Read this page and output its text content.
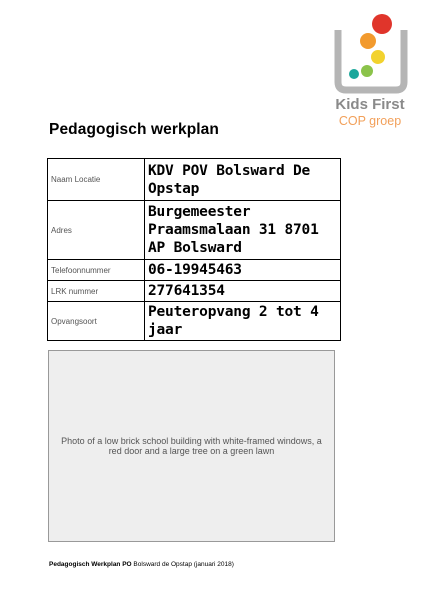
Kids First
COP groep
Pedagogisch werkplan
Naam Locatie	KDV POV Bolsward De Opstap
Adres	Burgemeester Praamsmalaan 31 8701 AP Bolsward
Telefoonnummer	06-19945463
LRK nummer	277641354
Opvangsoort	Peuteropvang 2 tot 4 jaar
Photo of a low brick school building with white-framed windows, a red door and a large tree on a green lawn
Pedagogisch Werkplan PO Bolsward de Opstap (januari 2018)
